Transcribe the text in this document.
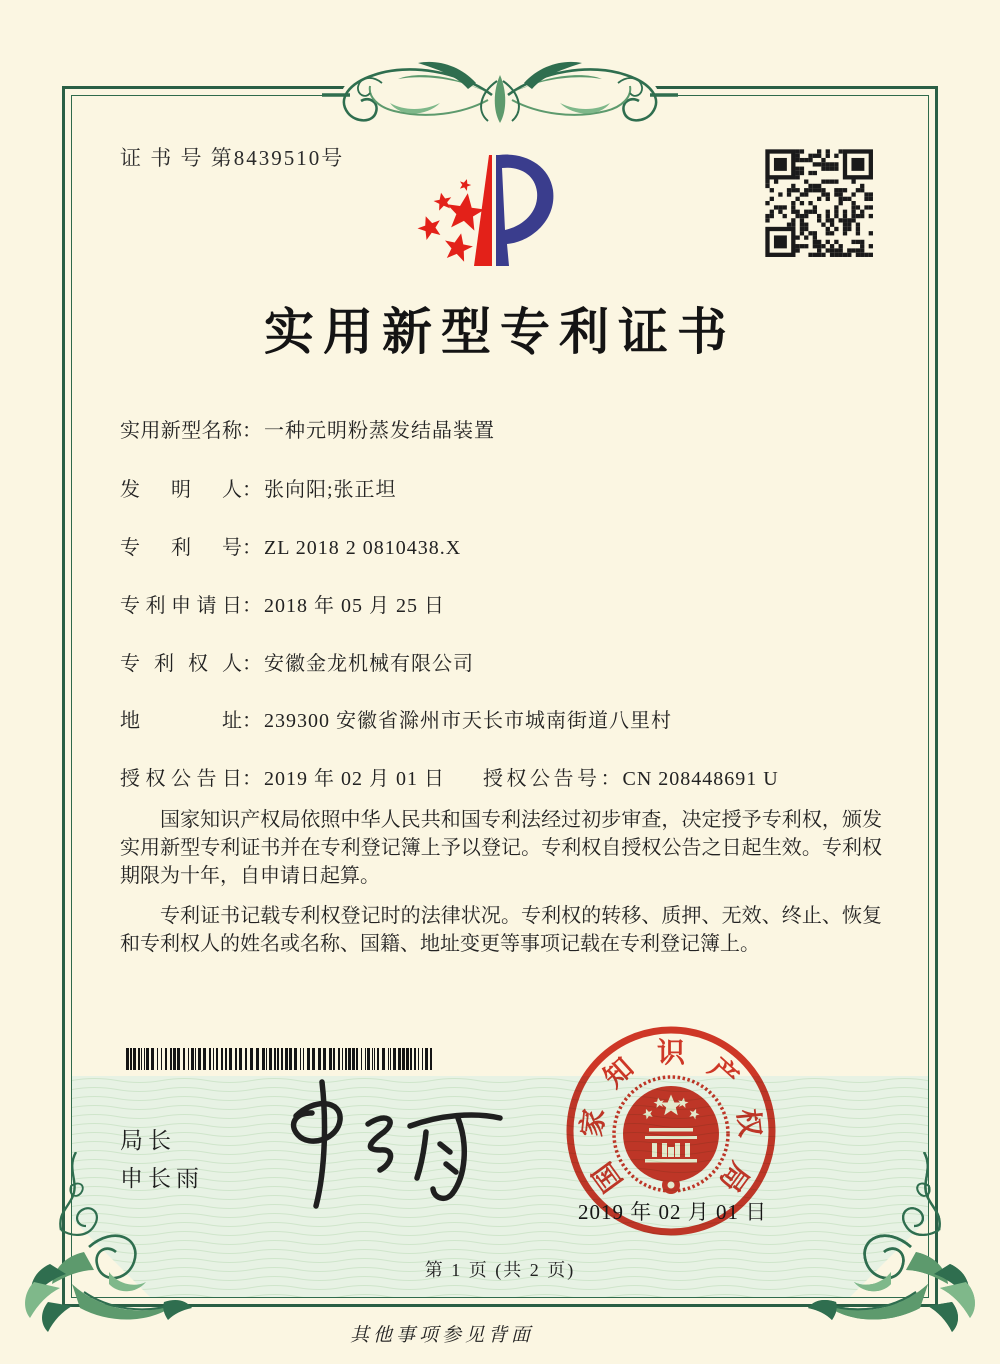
证 书 号 第8439510号
实用新型专利证书
实用新型名称： 一种元明粉蒸发结晶装置
发明人： 张向阳;张正坦
专利号： ZL 2018 2 0810438.X
专利申请日： 2018 年 05 月 25 日
专利权人： 安徽金龙机械有限公司
地址： 239300 安徽省滁州市天长市城南街道八里村
授权公告日： 2019 年 02 月 01 日 授权公告号： CN 208448691 U

国家知识产权局依照中华人民共和国专利法经过初步审查，决定授予专利权，颁发实用新型专利证书并在专利登记簿上予以登记。专利权自授权公告之日起生效。专利权期限为十年，自申请日起算。

专利证书记载专利权登记时的法律状况。专利权的转移、质押、无效、终止、恢复和专利权人的姓名或名称、国籍、地址变更等事项记载在专利登记簿上。

局长
申长雨	国
家
知 识 产
权
局
2019 年 02 月 01 日
第 1 页 (共 2 页)
其他事项参见背面
